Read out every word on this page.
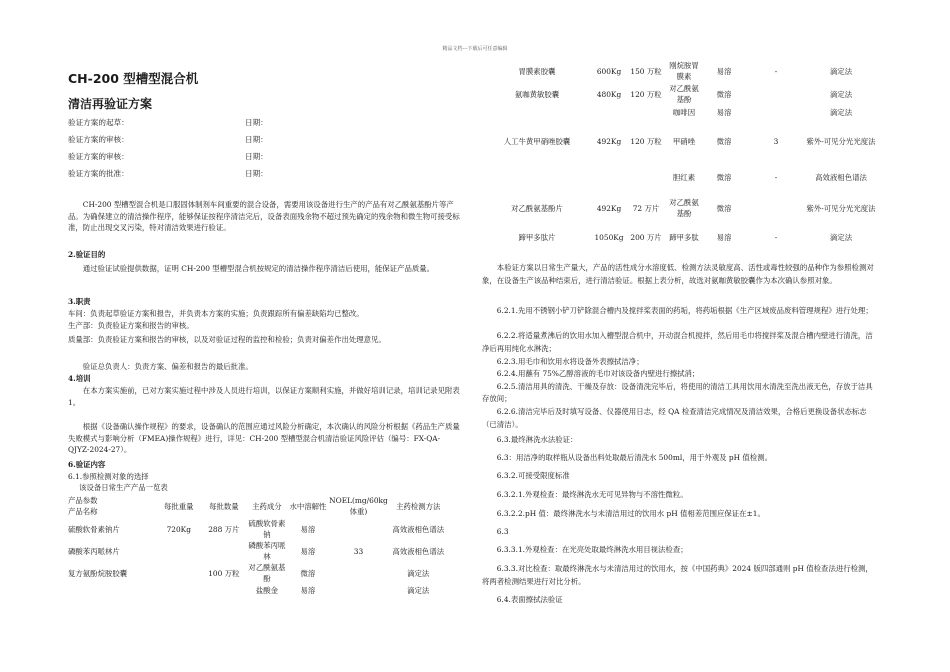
精品文档---下载后可任意编辑
CH-200 型槽型混合机
清洁再验证方案
验证方案的起草：	日期：
验证方案的审核：	日期：
验证方案的审核：	日期：
验证方案的批准：	日期：
CH-200 型槽型混合机是口服固体制剂车间重要的混合设备，需要用该设备进行生产的产品有对乙酰氨基酚片等产品。为确保建立的清洁操作程序，能够保证按程序清洁完后，设备表面残余物不超过预先确定的残余物和微生物可接受标准，防止出现交叉污染，特对清洁效果进行验证。
2.验证目的
通过验证试验提供数据，证明 CH-200 型槽型混合机按规定的清洁操作程序清洁后使用，能保证产品质量。
3.职责
车间：负责起草验证方案和报告，并负责本方案的实施；负责跟踪所有偏差缺陷均已整改。
生产部：负责验证方案和报告的审核。
质量部：负责验证方案和报告的审核，以及对验证过程的监控和检验；负责对偏差作出处理意见。
验证总负责人：负责方案、偏差和报告的最后批准。
4.培训
在本方案实施前，已对方案实施过程中涉及人员进行培训，以保证方案顺利实施，并做好培训记录，培训记录见附表 1。
根据《设备确认操作规程》的要求，设备确认的范围应通过风险分析确定，本次确认的风险分析根据《药品生产质量失败模式与影响分析（FMEA)操作规程》进行，详见：CH-200 型槽型混合机清洁验证风险评估（编号：FX-QA-QJYZ-2024-27）。
6.验证内容
6.1.参照检测对象的选择
该设备日常生产产品一览表
产品参数
产品名称	每批重量	每批数量	主药成分	水中溶解性	NOEL(mg/60kg 体重)	主药检测方法
硫酸软骨素钠片	720Kg	288 万片	硫酸软骨素钠	易溶		高效液相色谱法
磷酸苯丙哌林片			磷酸苯丙哌林	易溶	33	高效液相色谱法
复方氨酚烷胺胶囊		100 万粒	对乙酰氨基酚	微溶		滴定法
			盐酸金	易溶		滴定法
胃膜素胶囊	600Kg	150 万粒	刚烷胺胃膜素	易溶	-	滴定法
氨咖黄敏胶囊	480Kg	120 万粒	对乙酰氨基酚	微溶		滴定法
			咖啡因	易溶		滴定法
人工牛黄甲硝唑胶囊	492Kg	120 万粒	甲硝唑	微溶	3	紫外-可见分光光度法
			胆红素	微溶	-	高效液相色谱法
对乙酰氨基酚片	492Kg	72 万片	对乙酰氨基酚	微溶		紫外-可见分光光度法
蹄甲多肽片	1050Kg	200 万片	蹄甲多肽	易溶	-	滴定法
本验证方案以日常生产量大，产品的活性成分水溶度低、检测方法灵敏度高、活性或毒性较强的品种作为参照检测对象，在设备生产该品种结束后，进行清洁验证。根据上表分析，故选对氨咖黄敏胶囊作为本次确认参照对象。
6.2.1.先用不锈钢小铲刀铲除混合槽内及搅拌桨表面的药垢，将药垢根据《生产区域废品废料管理规程》进行处理；
6.2.2.将适量煮沸后的饮用水加入槽型混合机中，开动混合机搅拌，然后用毛巾将搅拌桨及混合槽内壁进行清洗，洁净后再用纯化水淋洗；
6.2.3.用毛巾和饮用水将设备外表擦拭洁净；
6.2.4.用蘸有 75%乙醇溶液的毛巾对该设备内壁进行擦拭消；
6.2.5.清洁用具的清洗、干燥及存放：设备清洗完毕后，将使用的清洁工具用饮用水清洗至洗出液无色，存放于洁具存放间；
6.2.6.清洁完毕后及时填写设备、仪器使用日志，经 QA 检查清洁完成情况及清洁效果，合格后更换设备状态标志（已清洁）。
6.3.最终淋洗水法验证：
6.3：用洁净的取样瓶从设备出料处取最后清洗水 500ml，用于外观及 pH 值检测。
6.3.2.可接受限度标准
6.3.2.1.外观检查：最终淋洗水无可见异物与不溶性微粒。
6.3.2.2.pH 值：最终淋洗水与未清洁用过的饮用水 pH 值相差范围应保证在±1。
6.3
6.3.3.1.外观检查：在光亮处取最终淋洗水用目视法检查；
6.3.3.对比检查：取最终淋洗水与未清洁用过的饮用水，按《中国药典》2024 版四部通则 pH 值检查法进行检测，将两者检测结果进行对比分析。
6.4.表面擦拭法验证
